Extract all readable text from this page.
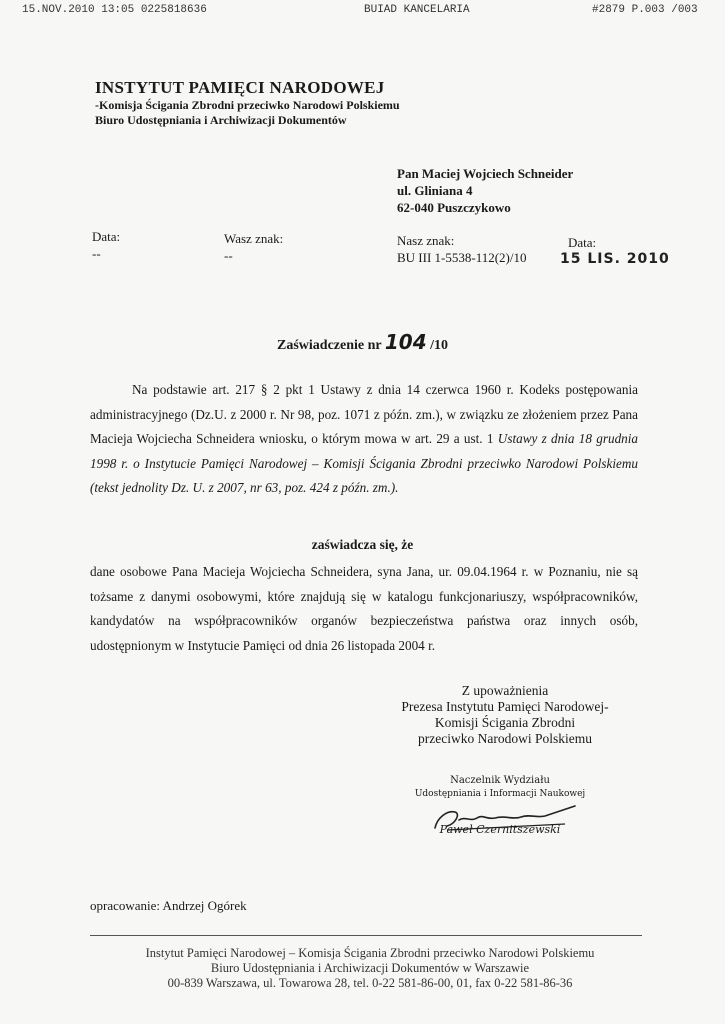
15.NOV.2010 13:05 0225818636	BUIAD KANCELARIA	#2879 P.003 /003
INSTYTUT PAMIĘCI NARODOWEJ
-Komisja Ścigania Zbrodni przeciwko Narodowi Polskiemu
Biuro Udostępniania i Archiwizacji Dokumentów
Pan Maciej Wojciech Schneider
ul. Gliniana 4
62-040 Puszczykowo
Data:
--
Wasz znak:
--
Nasz znak:
BU III 1-5538-112(2)/10
Data:
15 LIS. 2010
Zaświadczenie nr 104 /10

Na podstawie art. 217 § 2 pkt 1 Ustawy z dnia 14 czerwca 1960 r. Kodeks postępowania administracyjnego (Dz.U. z 2000 r. Nr 98, poz. 1071 z późn. zm.), w związku ze złożeniem przez Pana Macieja Wojciecha Schneidera wniosku, o którym mowa w art. 29 a ust. 1 Ustawy z dnia 18 grudnia 1998 r. o Instytucie Pamięci Narodowej – Komisji Ścigania Zbrodni przeciwko Narodowi Polskiemu (tekst jednolity Dz. U. z 2007, nr 63, poz. 424 z późn. zm.).

zaświadcza się, że

dane osobowe Pana Macieja Wojciecha Schneidera, syna Jana, ur. 09.04.1964 r. w Poznaniu, nie są tożsame z danymi osobowymi, które znajdują się w katalogu funkcjonariuszy, współpracowników, kandydatów na współpracowników organów bezpieczeństwa państwa oraz innych osób, udostępnionym w Instytucie Pamięci od dnia 26 listopada 2004 r.

Z upoważnienia
Prezesa Instytutu Pamięci Narodowej-
Komisji Ścigania Zbrodni
przeciwko Narodowi Polskiemu
Naczelnik Wydziału
Udostępniania i Informacji Naukowej
Paweł Czernitszewski
opracowanie: Andrzej Ogórek
Instytut Pamięci Narodowej – Komisja Ścigania Zbrodni przeciwko Narodowi Polskiemu
Biuro Udostępniania i Archiwizacji Dokumentów w Warszawie
00-839 Warszawa, ul. Towarowa 28, tel. 0-22 581-86-00, 01, fax 0-22 581-86-36
